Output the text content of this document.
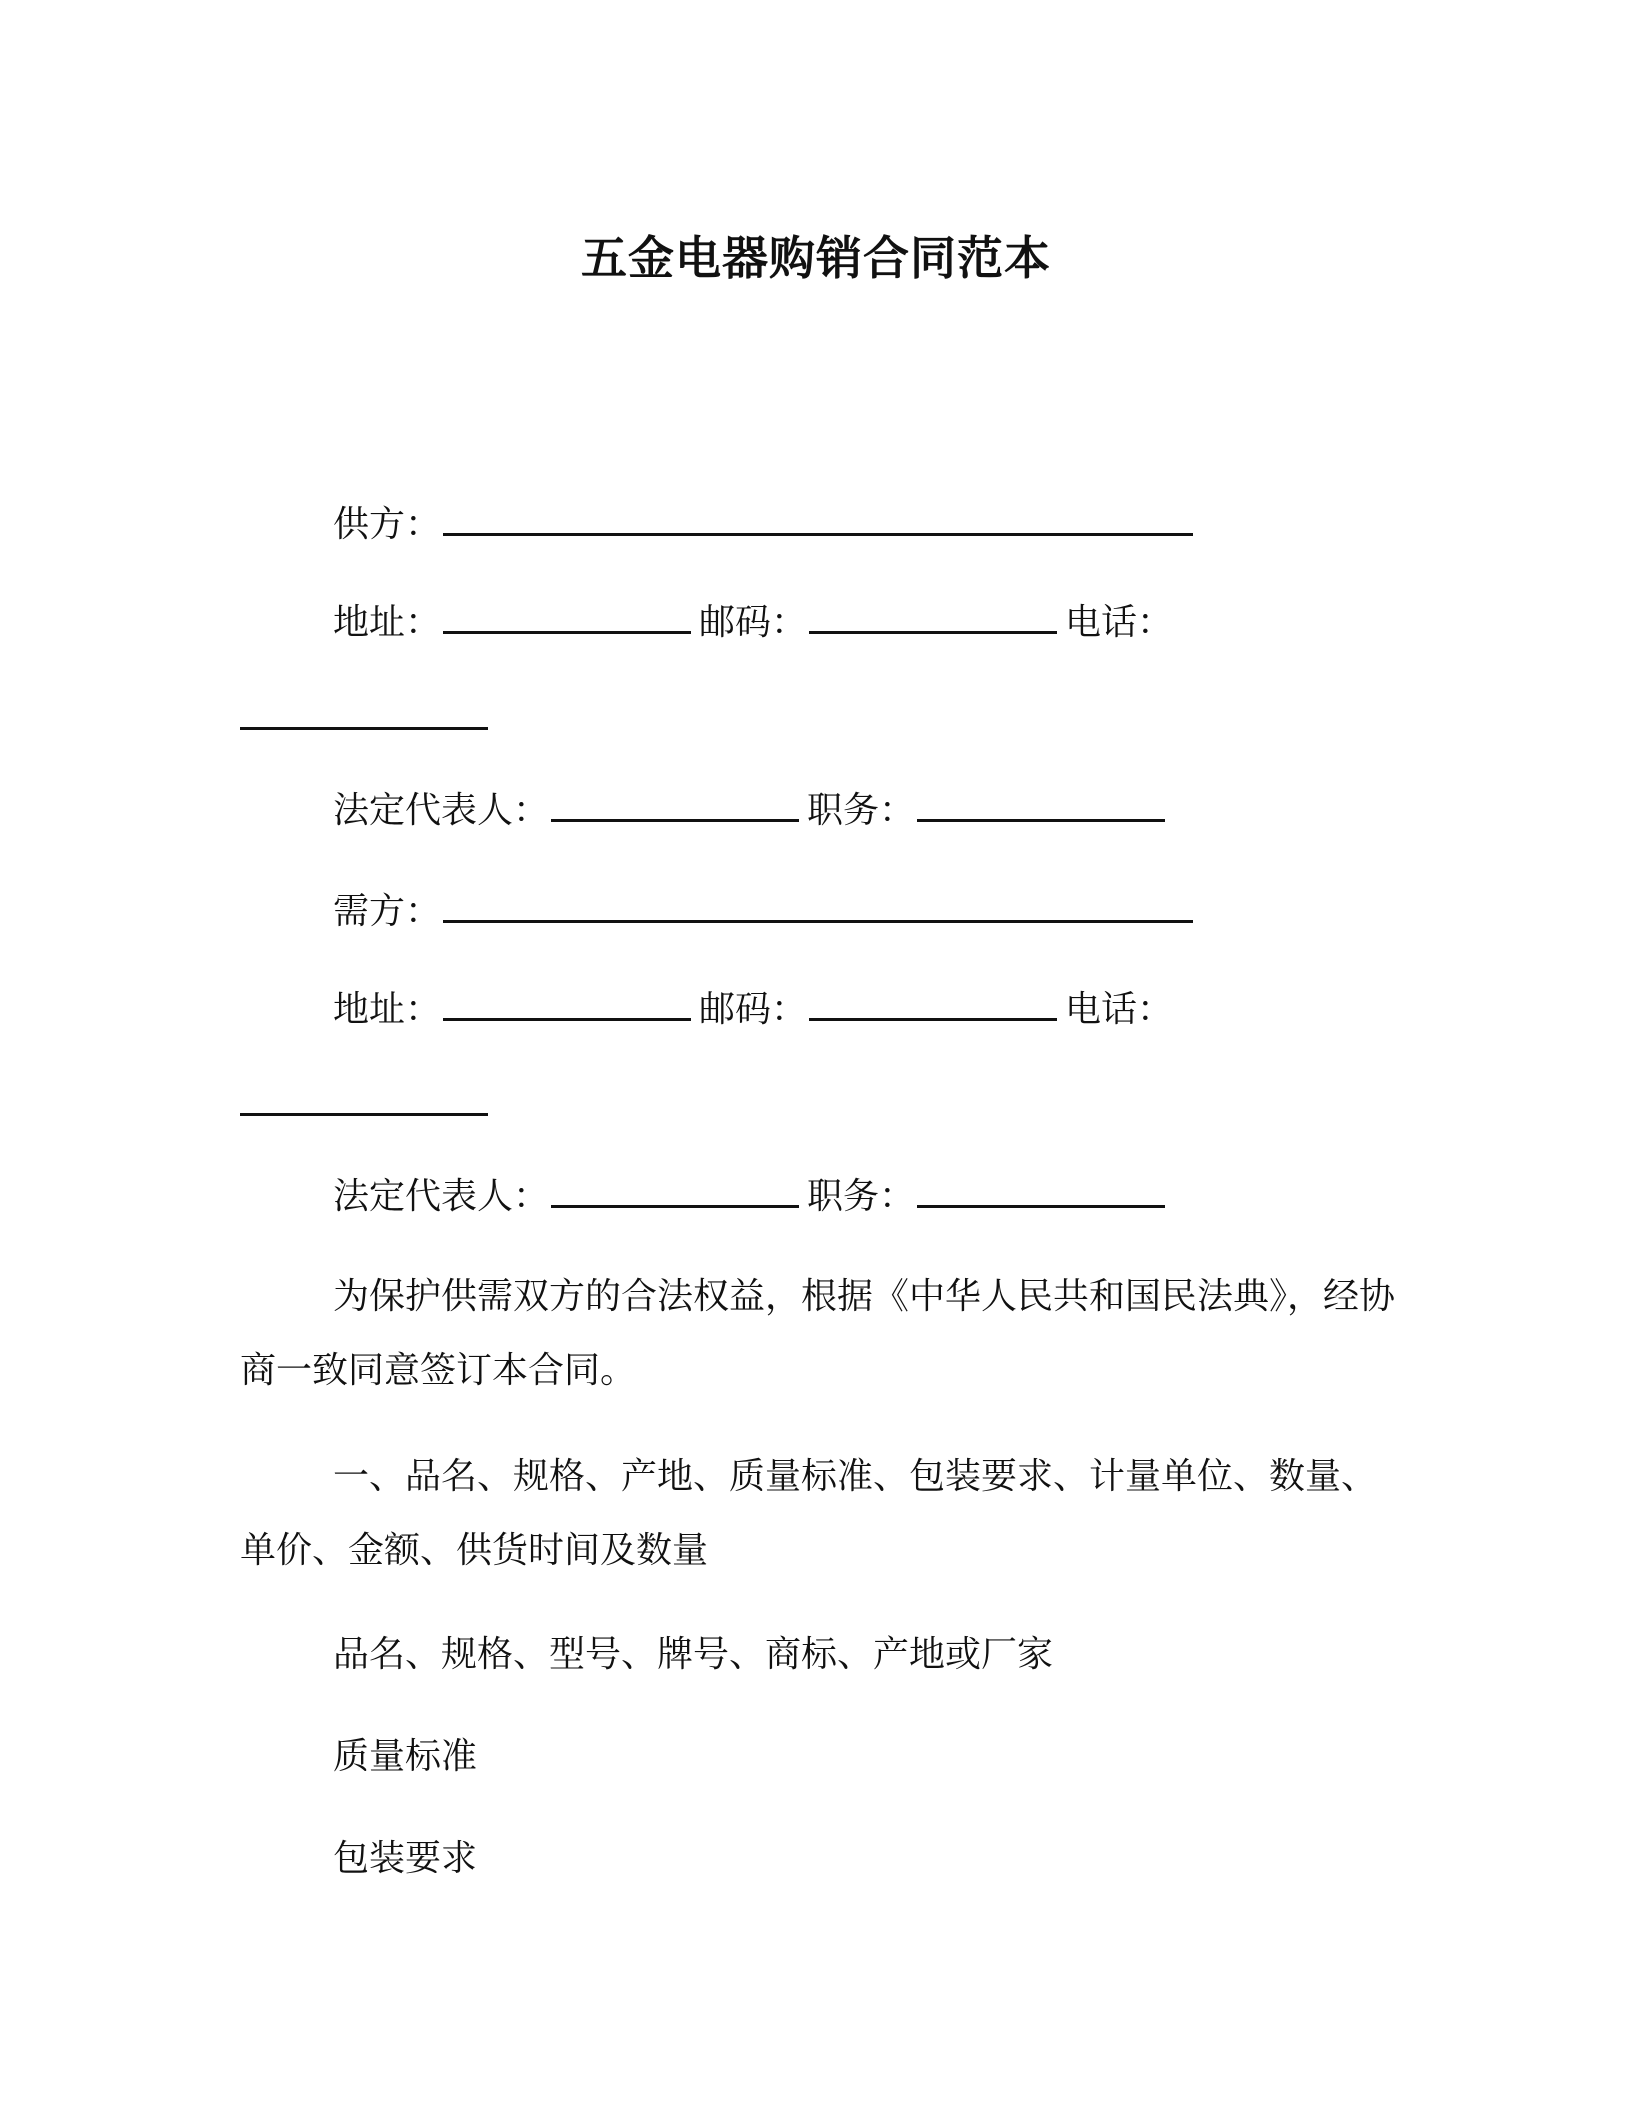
五金电器购销合同范本
供方：
地址：	邮码：	电话：
法定代表人：	职务：
需方：
地址：	邮码：	电话：
法定代表人：	职务：
为保护供需双方的合法权益，根据《中华人民共和国民法典》，经协商一致同意签订本合同。
一、品名、规格、产地、质量标准、包装要求、计量单位、数量、单价、金额、供货时间及数量
品名、规格、型号、牌号、商标、产地或厂家
质量标准
包装要求
